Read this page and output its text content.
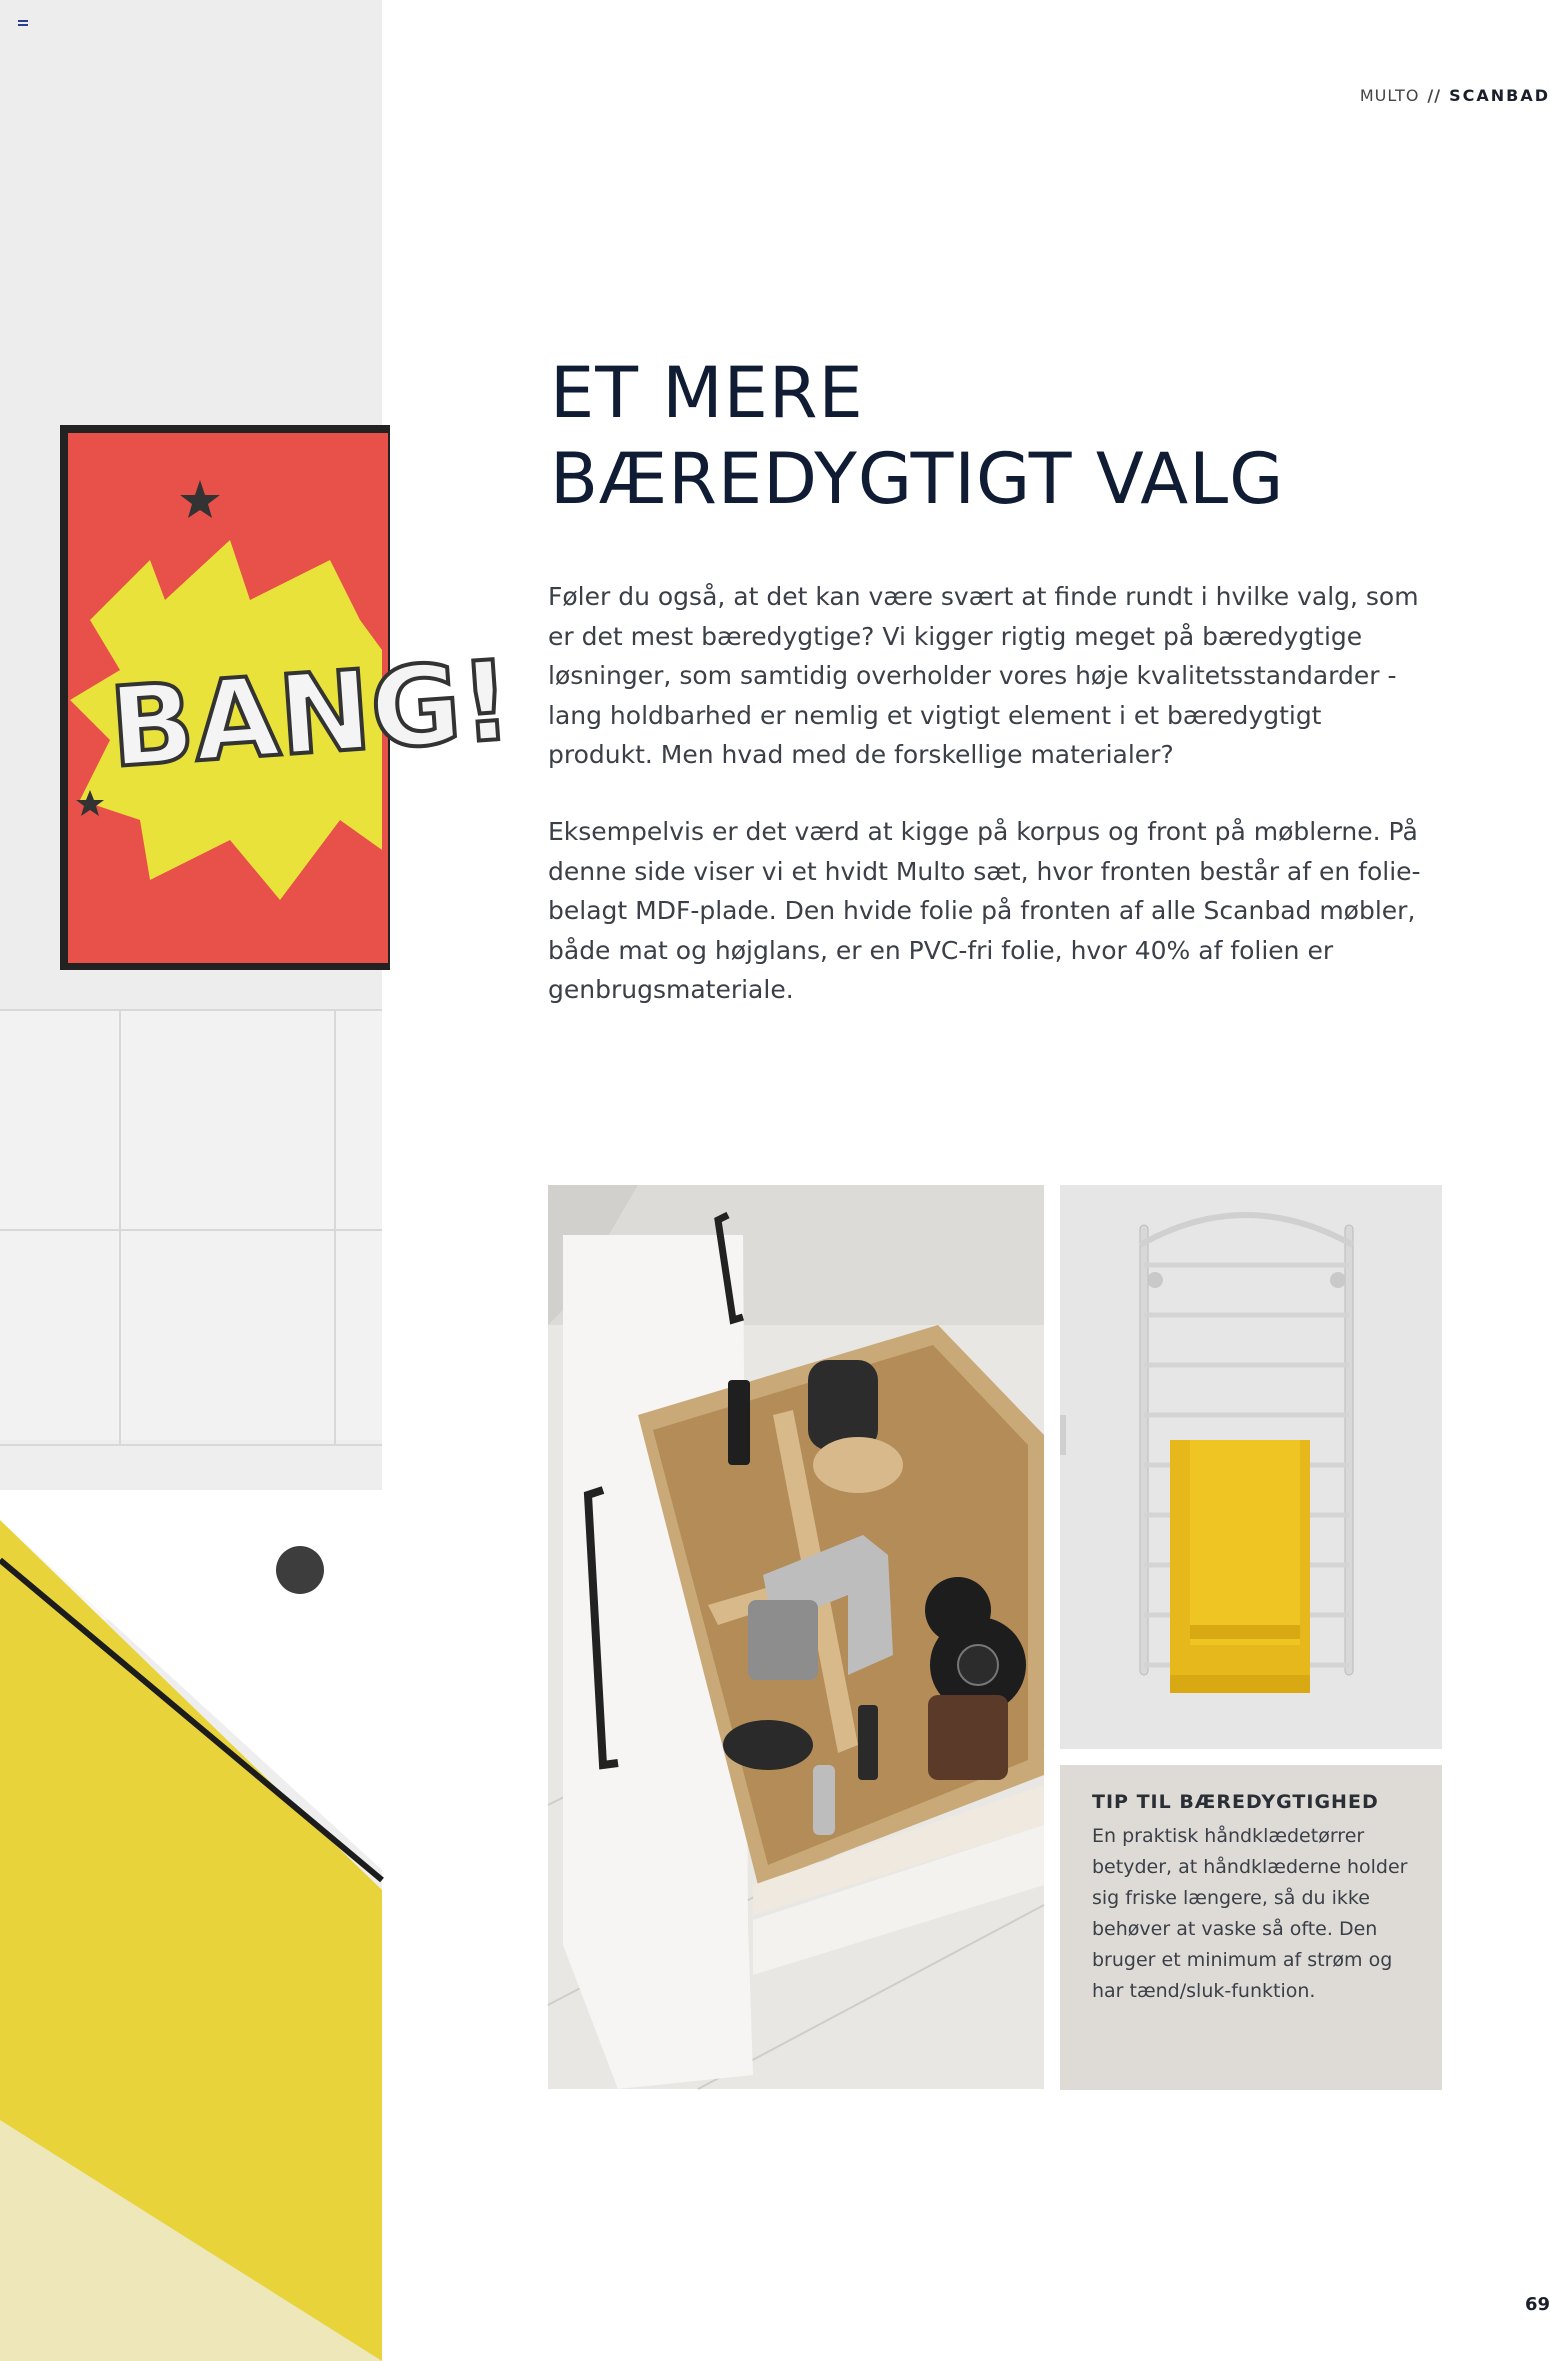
BANG!
MULTO // SCANBAD
ET MERE
BÆREDYGTIGT VALG

Føler du også, at det kan være svært at finde rundt i hvilke valg, som er det mest bæredygtige? Vi kigger rigtig meget på bæredygtige løsninger, som samtidig overholder vores høje kvalitetsstandarder - lang holdbarhed er nemlig et vigtigt element i et bæredygtigt produkt. Men hvad med de forskellige materialer?

Eksempelvis er det værd at kigge på korpus og front på møblerne. På denne side viser vi et hvidt Multo sæt, hvor fronten består af en folie-belagt MDF-plade. Den hvide folie på fronten af alle Scanbad møbler, både mat og højglans, er en PVC-fri folie, hvor 40% af folien er genbrugsmateriale.

TIP TIL BÆREDYGTIGHED
En praktisk håndklædetørrer betyder, at håndklæderne holder sig friske længere, så du ikke behøver at vaske så ofte. Den bruger et minimum af strøm og har tænd/sluk-funktion.
69
